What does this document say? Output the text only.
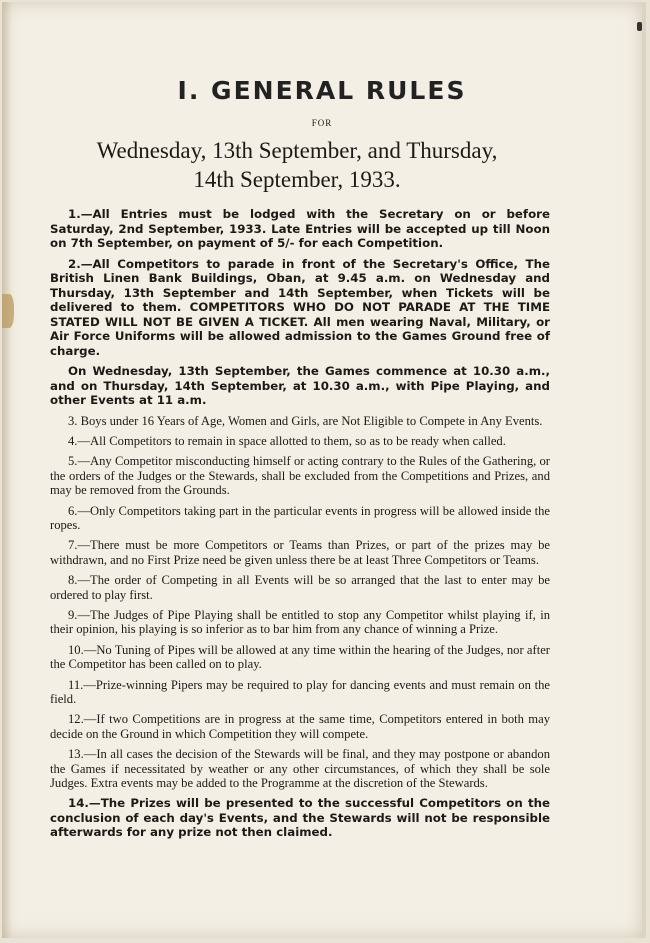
I. GENERAL RULES
FOR
Wednesday, 13th September, and Thursday,
14th September, 1933.

1.—All Entries must be lodged with the Secretary on or before Saturday, 2nd September, 1933. Late Entries will be accepted up till Noon on 7th September, on payment of 5/- for each Competition.

2.—All Competitors to parade in front of the Secretary's Office, The British Linen Bank Buildings, Oban, at 9.45 a.m. on Wednesday and Thursday, 13th September and 14th September, when Tickets will be delivered to them. COMPETITORS WHO DO NOT PARADE AT THE TIME STATED WILL NOT BE GIVEN A TICKET. All men wearing Naval, Military, or Air Force Uniforms will be allowed admission to the Games Ground free of charge.

On Wednesday, 13th September, the Games commence at 10.30 a.m., and on Thursday, 14th September, at 10.30 a.m., with Pipe Playing, and other Events at 11 a.m.

3. Boys under 16 Years of Age, Women and Girls, are Not Eligible to Compete in Any Events.

4.—All Competitors to remain in space allotted to them, so as to be ready when called.

5.—Any Competitor misconducting himself or acting contrary to the Rules of the Gathering, or the orders of the Judges or the Stewards, shall be excluded from the Competitions and Prizes, and may be removed from the Grounds.

6.—Only Competitors taking part in the particular events in progress will be allowed inside the ropes.

7.—There must be more Competitors or Teams than Prizes, or part of the prizes may be withdrawn, and no First Prize need be given unless there be at least Three Competitors or Teams.

8.—The order of Competing in all Events will be so arranged that the last to enter may be ordered to play first.

9.—The Judges of Pipe Playing shall be entitled to stop any Competitor whilst playing if, in their opinion, his playing is so inferior as to bar him from any chance of winning a Prize.

10.—No Tuning of Pipes will be allowed at any time within the hearing of the Judges, nor after the Competitor has been called on to play.

11.—Prize-winning Pipers may be required to play for dancing events and must remain on the field.

12.—If two Competitions are in progress at the same time, Competitors entered in both may decide on the Ground in which Competition they will compete.

13.—In all cases the decision of the Stewards will be final, and they may postpone or abandon the Games if necessitated by weather or any other circumstances, of which they shall be sole Judges. Extra events may be added to the Programme at the discretion of the Stewards.

14.—The Prizes will be presented to the successful Competitors on the conclusion of each day's Events, and the Stewards will not be responsible afterwards for any prize not then claimed.
